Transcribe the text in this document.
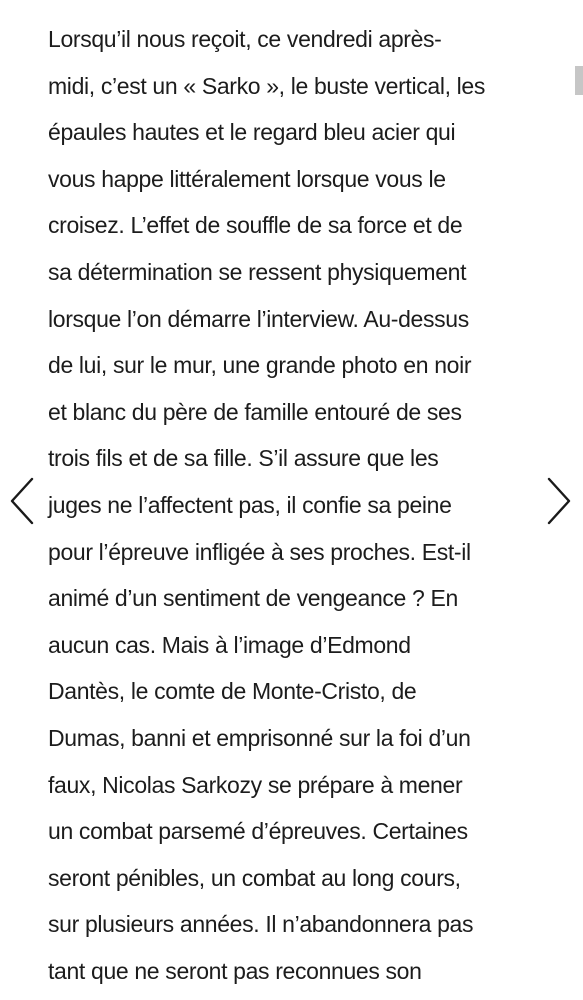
Lorsqu’il nous reçoit, ce vendredi après-
midi, c’est un « Sarko », le buste vertical, les
épaules hautes et le regard bleu acier qui
vous happe littéralement lorsque vous le
croisez. L’effet de souffle de sa force et de
sa détermination se ressent physiquement
lorsque l’on démarre l’interview. Au-dessus
de lui, sur le mur, une grande photo en noir
et blanc du père de famille entouré de ses
trois fils et de sa fille. S’il assure que les
juges ne l’affectent pas, il confie sa peine
pour l’épreuve infligée à ses proches. Est-il
animé d’un sentiment de vengeance ? En
aucun cas. Mais à l’image d’Edmond
Dantès, le comte de Monte-Cristo, de
Dumas, banni et emprisonné sur la foi d’un
faux, Nicolas Sarkozy se prépare à mener
un combat parsemé d’épreuves. Certaines
seront pénibles, un combat au long cours,
sur plusieurs années. Il n’abandonnera pas
tant que ne seront pas reconnues son
